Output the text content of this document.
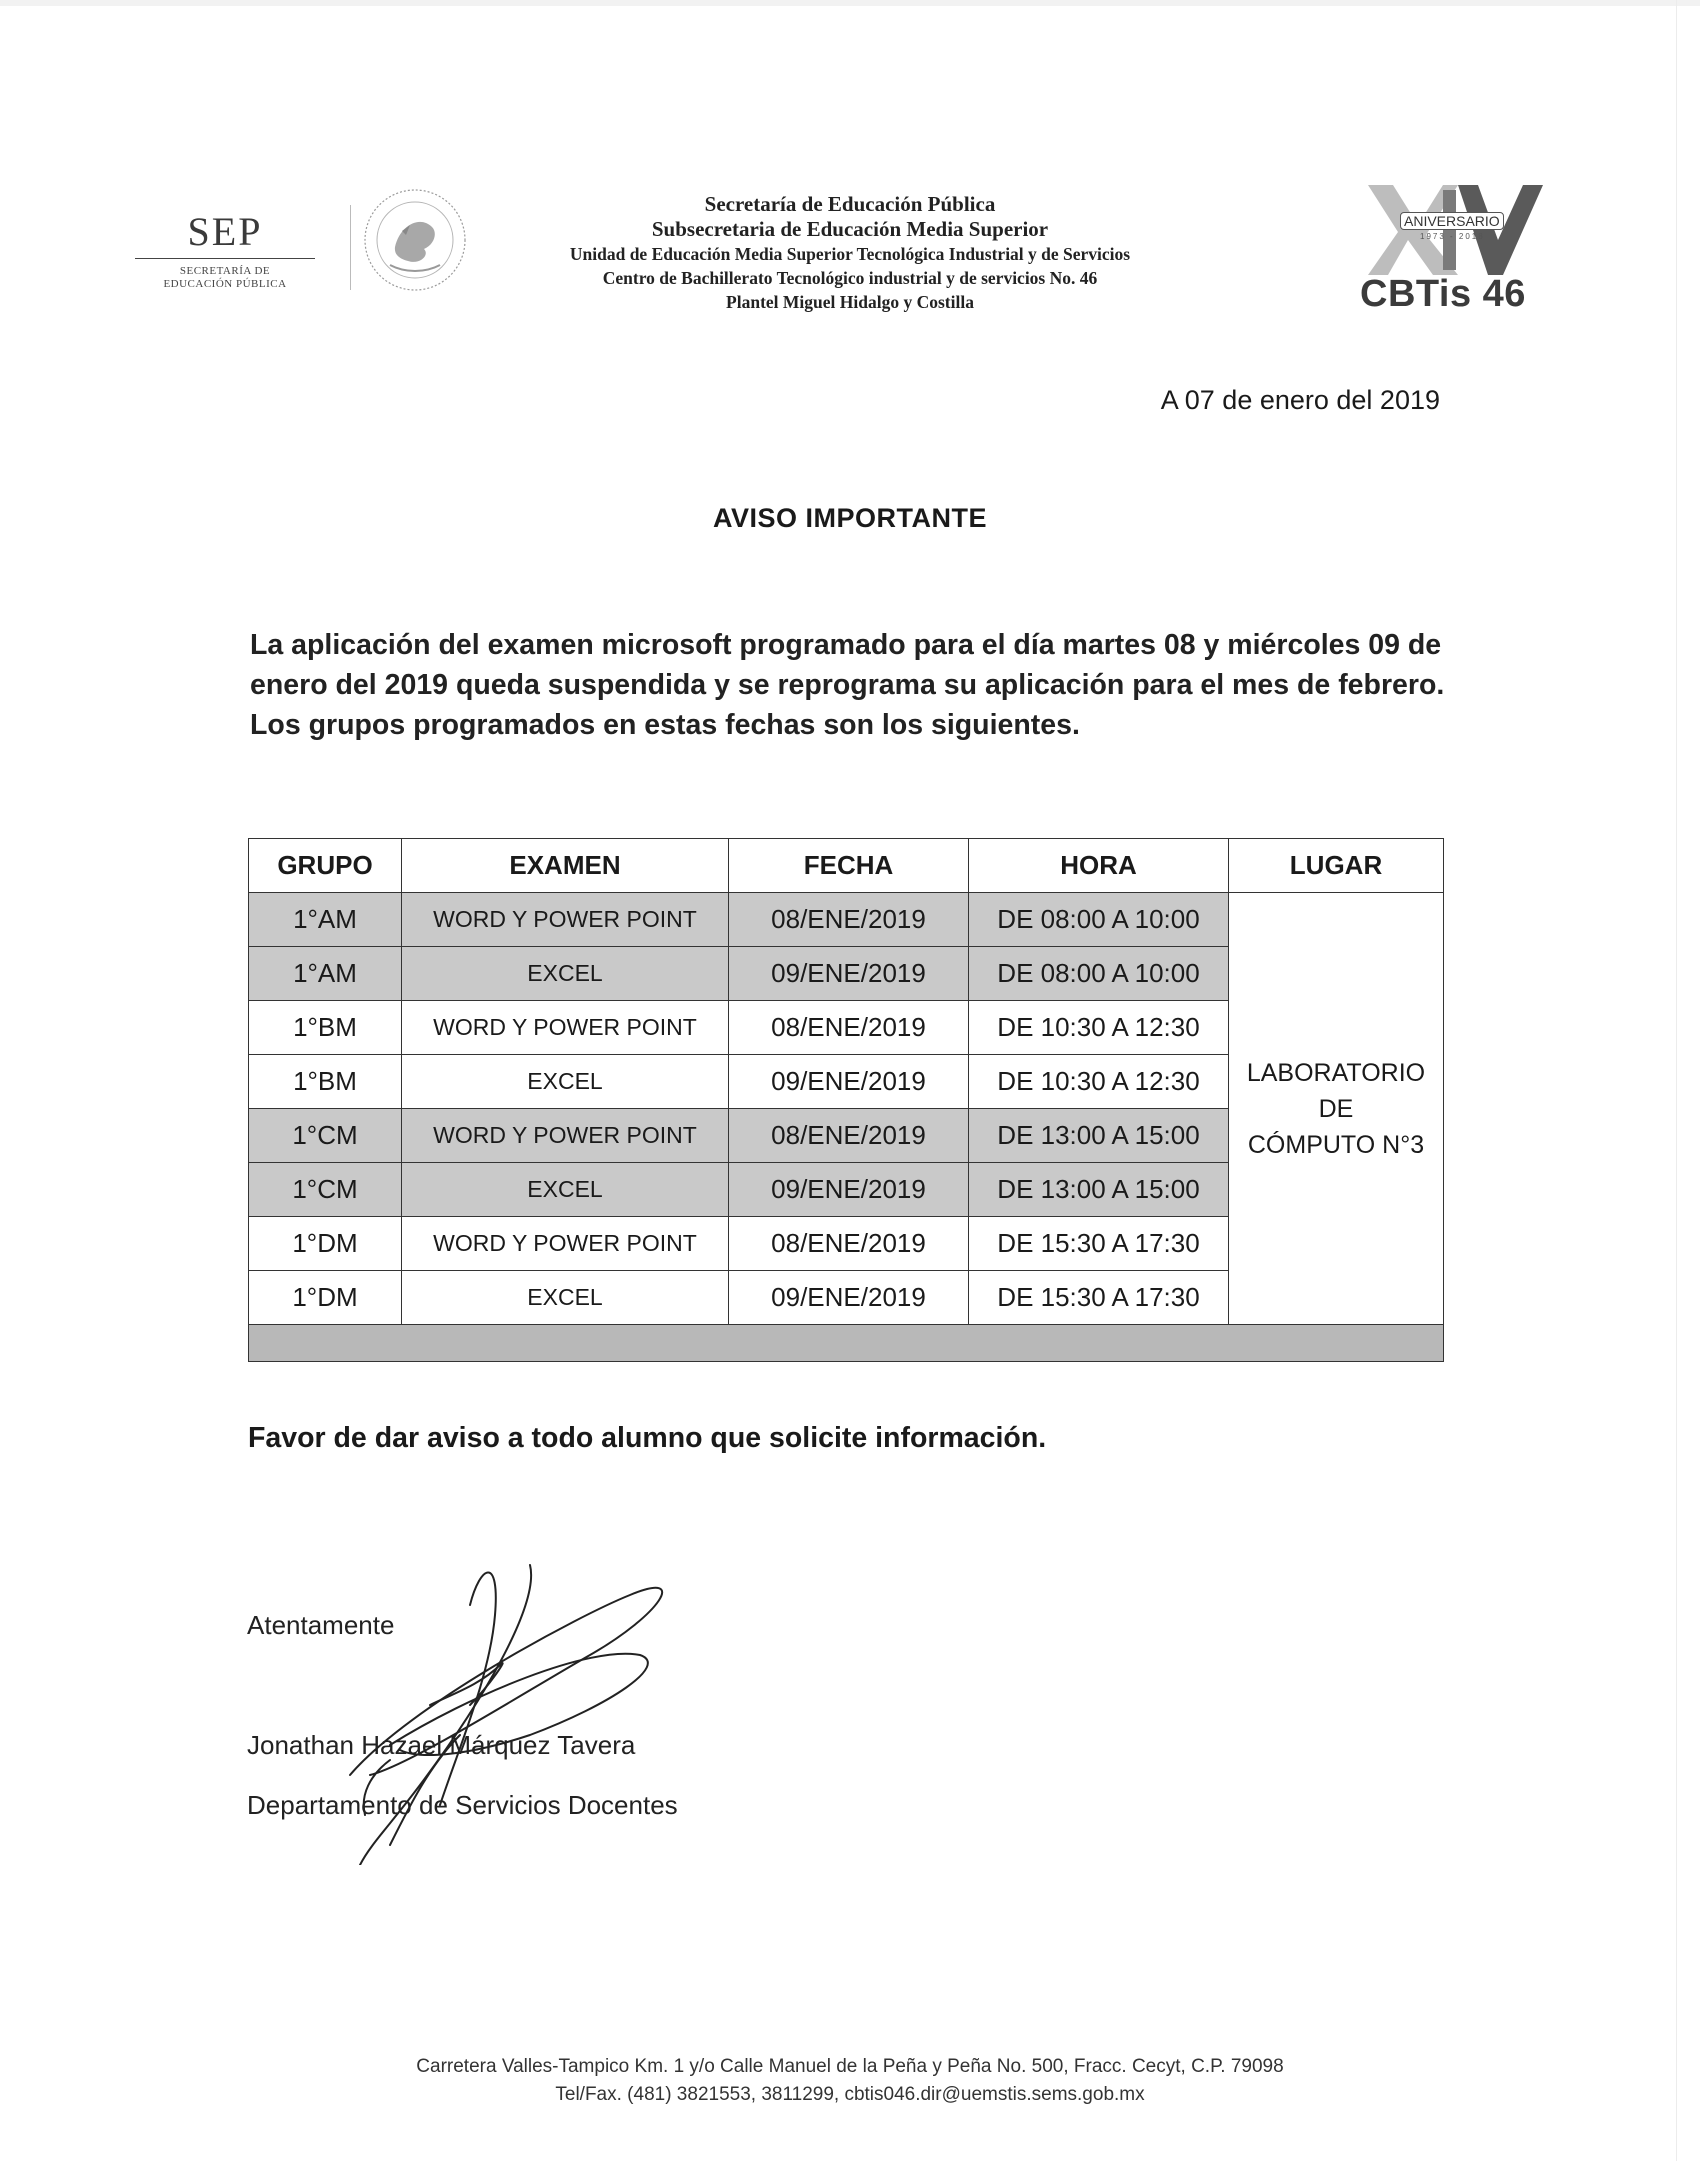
SEP
SECRETARÍA DE
EDUCACIÓN PÚBLICA
Secretaría de Educación Pública
Subsecretaria de Educación Media Superior
Unidad de Educación Media Superior Tecnológica Industrial y de Servicios
Centro de Bachillerato Tecnológico industrial y de servicios No. 46
Plantel Miguel Hidalgo y Costilla
ANIVERSARIO
1973 - 2018
CBTis 46
A 07 de enero del 2019
AVISO IMPORTANTE
La aplicación del examen microsoft programado para el día martes 08 y miércoles 09 de enero del 2019 queda suspendida y se reprograma su aplicación para el mes de febrero. Los grupos programados en estas fechas son los siguientes.
GRUPO	EXAMEN	FECHA	HORA	LUGAR
1°AM	WORD Y POWER POINT	08/ENE/2019	DE 08:00 A 10:00	LABORATORIO
DE
CÓMPUTO N°3

1°AM	EXCEL	09/ENE/2019	DE 08:00 A 10:00	
1°BM	WORD Y POWER POINT	08/ENE/2019	DE 10:30 A 12:30	
1°BM	EXCEL	09/ENE/2019	DE 10:30 A 12:30	
1°CM	WORD Y POWER POINT	08/ENE/2019	DE 13:00 A 15:00	
1°CM	EXCEL	09/ENE/2019	DE 13:00 A 15:00	
1°DM	WORD Y POWER POINT	08/ENE/2019	DE 15:30 A 17:30	
1°DM	EXCEL	09/ENE/2019	DE 15:30 A 17:30	

Favor de dar aviso a todo alumno que solicite información.
Atentamente
Jonathan Hazael Márquez Tavera
Departamento de Servicios Docentes
Carretera Valles-Tampico Km. 1 y/o Calle Manuel de la Peña y Peña No. 500, Fracc. Cecyt, C.P. 79098
Tel/Fax. (481) 3821553, 3811299, cbtis046.dir@uemstis.sems.gob.mx
